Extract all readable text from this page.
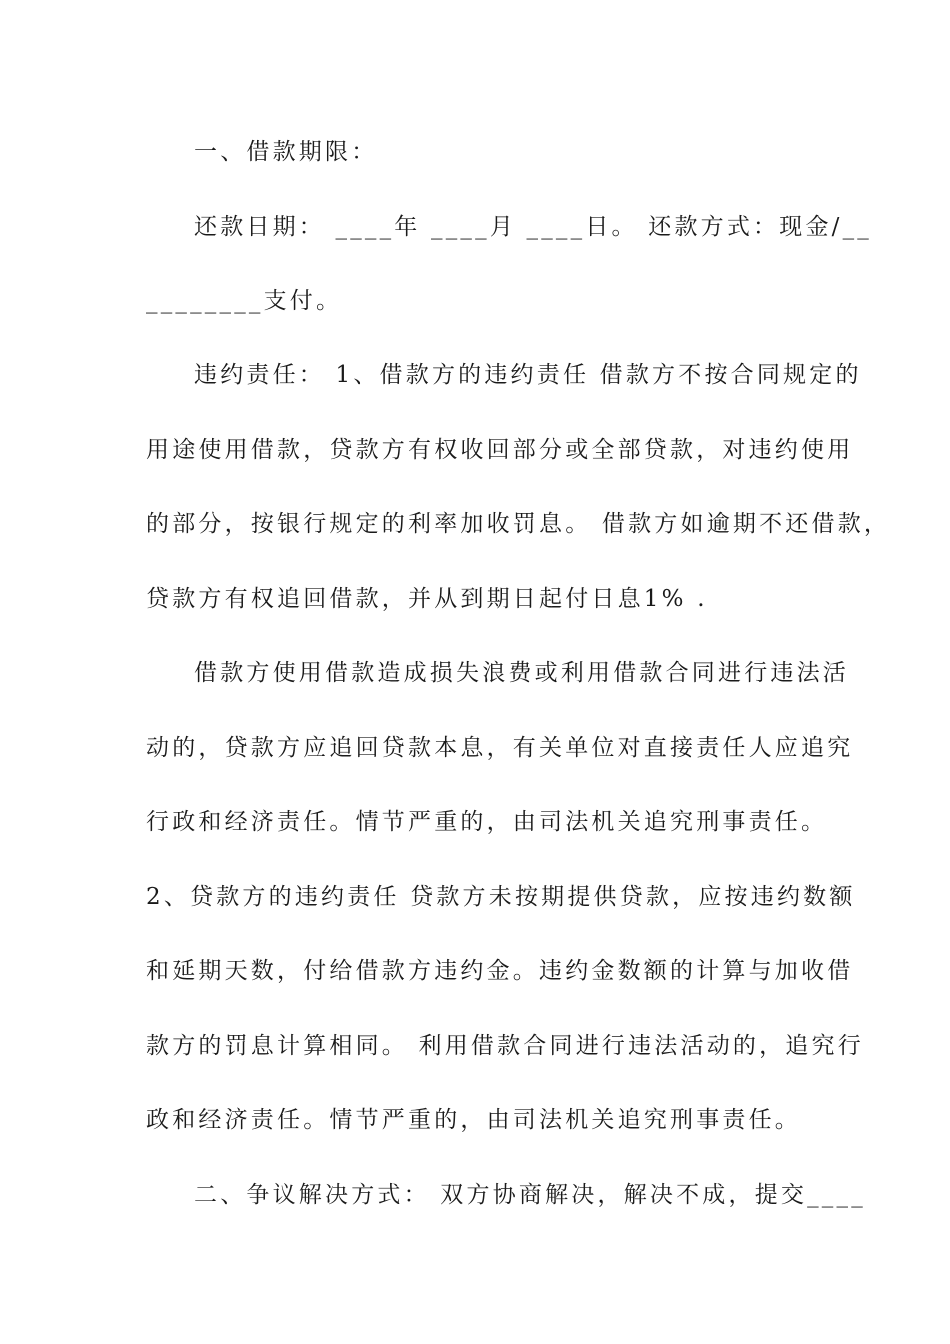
一、借款期限：
还款日期： ____年 ____月 ____日。 还款方式：现金/__
________支付。
违约责任： 1、借款方的违约责任 借款方不按合同规定的
用途使用借款，贷款方有权收回部分或全部贷款，对违约使用
的部分，按银行规定的利率加收罚息。 借款方如逾期不还借款，
贷款方有权追回借款，并从到期日起付日息1% .
借款方使用借款造成损失浪费或利用借款合同进行违法活
动的，贷款方应追回贷款本息，有关单位对直接责任人应追究
行政和经济责任。情节严重的，由司法机关追究刑事责任。
2、贷款方的违约责任 贷款方未按期提供贷款，应按违约数额
和延期天数，付给借款方违约金。违约金数额的计算与加收借
款方的罚息计算相同。 利用借款合同进行违法活动的，追究行
政和经济责任。情节严重的，由司法机关追究刑事责任。
二、争议解决方式： 双方协商解决，解决不成，提交____
